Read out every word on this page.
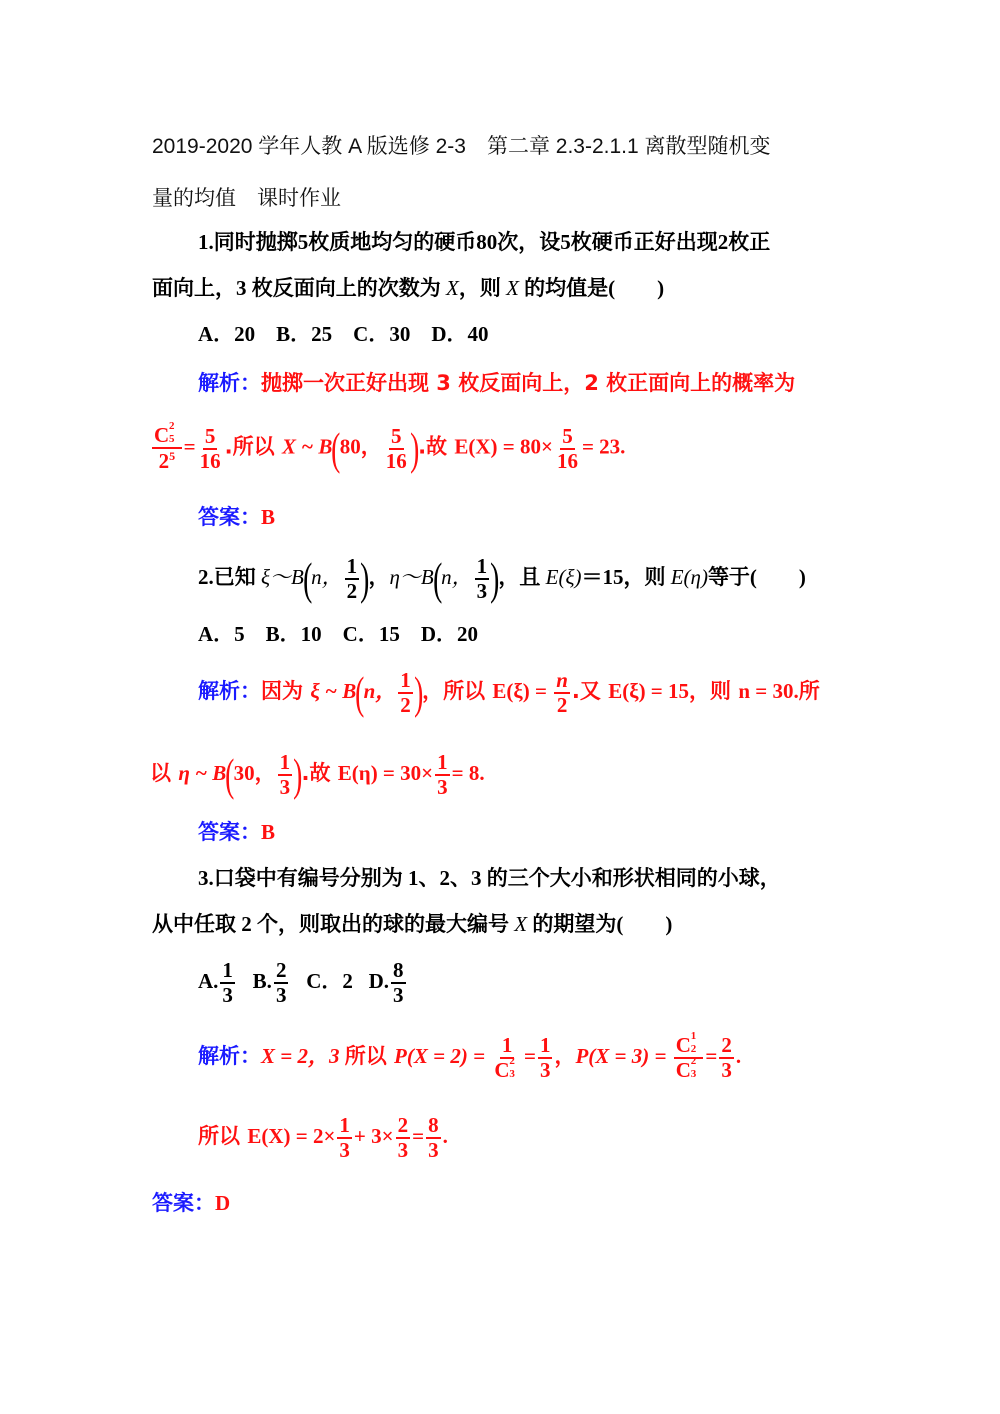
2019-2020 学年人教 A 版选修 2-3　第二章 2.3-2.1.1 离散型随机变
量的均值　课时作业
1.同时抛掷5枚质地均匀的硬币80次，设5枚硬币正好出现2枚正
面向上，3 枚反面向上的次数为 X，则 X 的均值是(　　)
A．20　B．25　C．30　D．40
解析：抛掷一次正好出现 3 枚反面向上，2 枚正面向上的概率为
C 2
5

$2^5 = \frac{5}{16}$ .所以 X ~ B(80， $\frac{5}{16}$ ).故 $E(X) = 80\times \frac{5}{16} = 23$.
答案：B
2.已知 ξ～B(n， $\frac{1}{2}$ )，η～B(n， $\frac{1}{3}$ )，且 E(ξ)＝15，则 E(η)等于(　　)
A．5　B．10　C．15　D．20
解析：因为 ξ ~ B(n， $\frac{1}{2}$ )，所以 $E(\xi) = \frac{n}{2}$ .又 E(ξ) = 15，则 n = 30.所
以 η ~ B(30， $\frac{1}{3}$ ).故 $E(\eta) = 30\times \frac{1}{3} = 8$.
答案：B
3.口袋中有编号分别为 1、2、3 的三个大小和形状相同的小球，
从中任取 2 个，则取出的球的最大编号 X 的期望为(　　)
A. $\frac{1}{3} B$. $\frac{2}{3}$ C．2 D. $\frac{8}{3}$
解析：X = 2，3 所以 P(X = 2) = 1
C 2
3
= $\frac{1}{3}$ ，P(X = 3) = C 1
2

C 2
3
= $\frac{2}{3}$ .
所以 $E(X) = 2\times \frac{1}{3} + 3\times \frac{2}{3} = \frac{8}{3}$ .
答案：D
